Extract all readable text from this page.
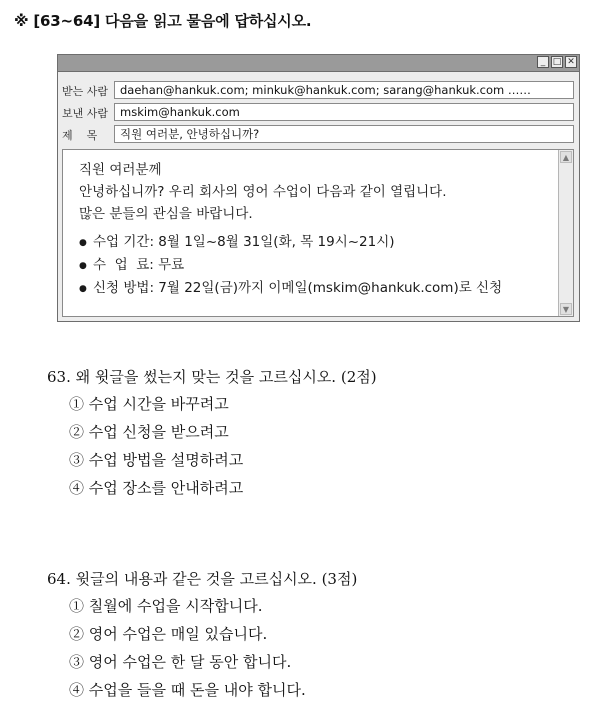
※ [63~64] 다음을 읽고 물음에 답하십시오.
_ □ ✕
받는 사람	daehan@hankuk.com; minkuk@hankuk.com; sarang@hankuk.com ……
보낸 사람	mskim@hankuk.com
제    목	직원 여러분, 안녕하십니까?
직원 여러분께
안녕하십니까? 우리 회사의 영어 수업이 다음과 같이 열립니다.
많은 분들의 관심을 바랍니다.
● 수업 기간: 8월 1일~8월 31일(화, 목 19시~21시)
● 수  업  료: 무료
● 신청 방법: 7월 22일(금)까지 이메일(mskim@hankuk.com)로 신청
▲
▼
63. 왜 윗글을 썼는지 맞는 것을 고르십시오. (2점)
① 수업 시간을 바꾸려고
② 수업 신청을 받으려고
③ 수업 방법을 설명하려고
④ 수업 장소를 안내하려고
64. 윗글의 내용과 같은 것을 고르십시오. (3점)
① 칠월에 수업을 시작합니다.
② 영어 수업은 매일 있습니다.
③ 영어 수업은 한 달 동안 합니다.
④ 수업을 들을 때 돈을 내야 합니다.
